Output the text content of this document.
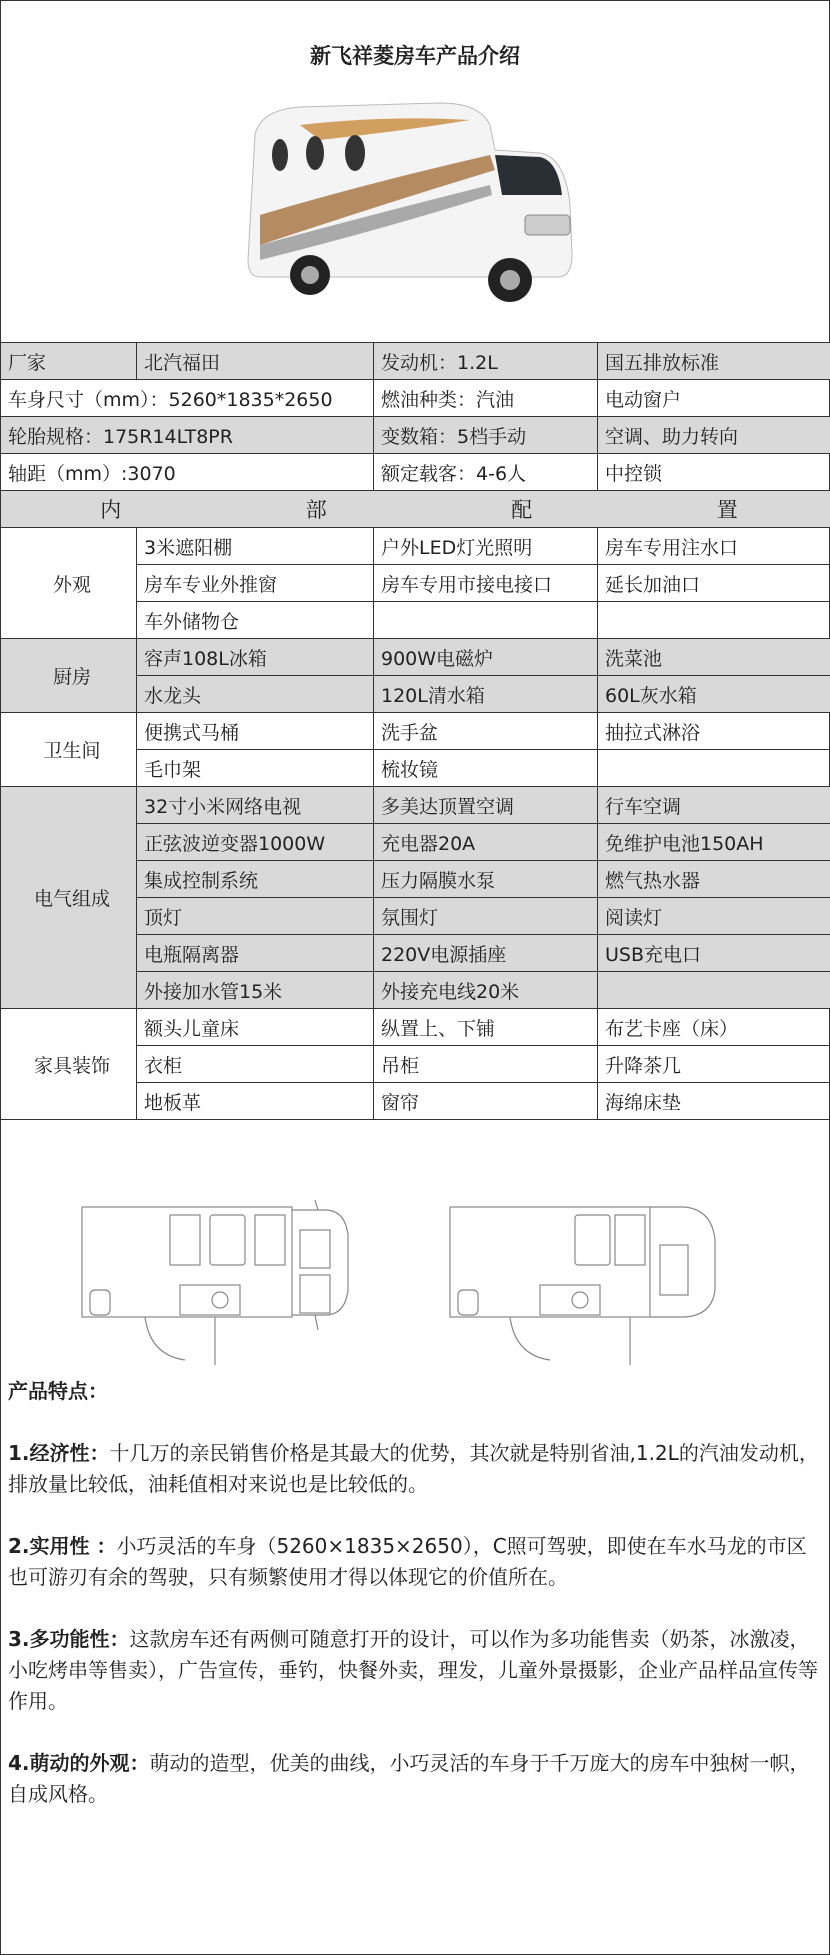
新飞祥菱房车产品介绍
厂家	北汽福田	发动机：1.2L	国五排放标准
车身尺寸（mm）：5260*1835*2650		燃油种类：汽油	电动窗户
轮胎规格：175R14LT8PR		变数箱：5档手动	空调、助力转向
轴距（mm）:3070		额定载客：4-6人	中控锁
内 部 配 置			
外观	3米遮阳棚	户外LED灯光照明	房车专用注水口
	房车专业外推窗	房车专用市接电接口	延长加油口
	车外储物仓		
厨房	容声108L冰箱	900W电磁炉	洗菜池
	水龙头	120L清水箱	60L灰水箱
卫生间	便携式马桶	洗手盆	抽拉式淋浴
	毛巾架	梳妆镜	
电气组成	32寸小米网络电视	多美达顶置空调	行车空调
	正弦波逆变器1000W	充电器20A	免维护电池150AH
	集成控制系统	压力隔膜水泵	燃气热水器
	顶灯	氛围灯	阅读灯
	电瓶隔离器	220V电源插座	USB充电口
	外接加水管15米	外接充电线20米	
家具装饰	额头儿童床	纵置上、下铺	布艺卡座（床）
	衣柜	吊柜	升降茶几
	地板革	窗帘	海绵床垫

产品特点：

1.经济性：十几万的亲民销售价格是其最大的优势，其次就是特别省油,1.2L的汽油发动机，排放量比较低，油耗值相对来说也是比较低的。

2.实用性 ：小巧灵活的车身（5260×1835×2650），C照可驾驶，即使在车水马龙的市区也可游刃有余的驾驶，只有频繁使用才得以体现它的价值所在。

3.多功能性：这款房车还有两侧可随意打开的设计，可以作为多功能售卖（奶茶，冰激凌，小吃烤串等售卖），广告宣传，垂钓，快餐外卖，理发，儿童外景摄影，企业产品样品宣传等作用。

4.萌动的外观：萌动的造型，优美的曲线，小巧灵活的车身于千万庞大的房车中独树一帜，自成风格。
